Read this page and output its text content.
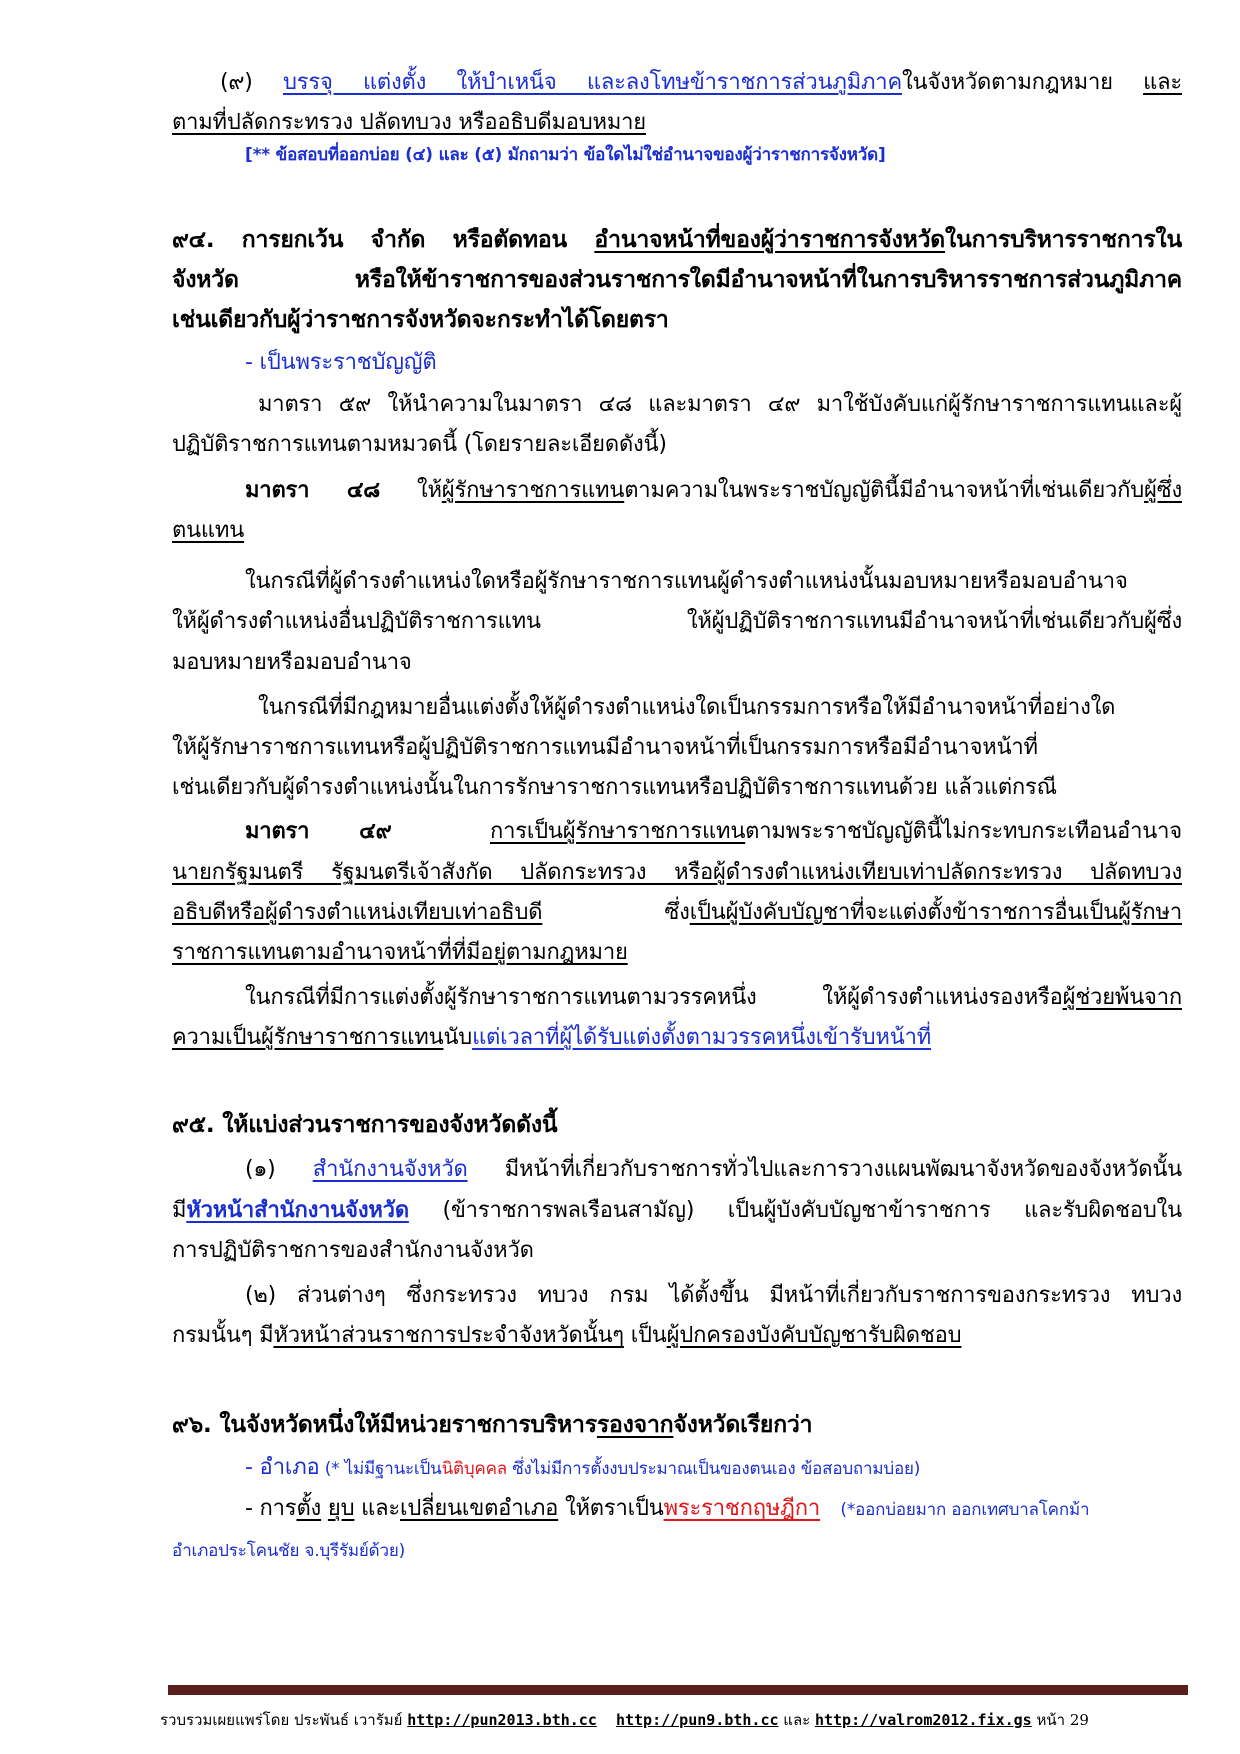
(๙) บรรจุ แต่งตั้ง ให้บำเหน็จ และลงโทษข้าราชการส่วนภูมิภาคในจังหวัดตามกฎหมาย และ
ตามที่ปลัดกระทรวง ปลัดทบวง หรืออธิบดีมอบหมาย
[** ข้อสอบที่ออกบ่อย (๔) และ (๕) มักถามว่า ข้อใดไม่ใช่อำนาจของผู้ว่าราชการจังหวัด]
๙๔. การยกเว้น จำกัด หรือตัดทอน อำนาจหน้าที่ของผู้ว่าราชการจังหวัดในการบริหารราชการใน
จังหวัด หรือให้ข้าราชการของส่วนราชการใดมีอำนาจหน้าที่ในการบริหารราชการส่วนภูมิภาค
เช่นเดียวกับผู้ว่าราชการจังหวัดจะกระทำได้โดยตรา
- เป็นพระราชบัญญัติ
มาตรา ๕๙ ให้นำความในมาตรา ๔๘ และมาตรา ๔๙ มาใช้บังคับแก่ผู้รักษาราชการแทนและผู้
ปฏิบัติราชการแทนตามหมวดนี้ (โดยรายละเอียดดังนี้)
มาตรา ๔๘ ให้ผู้รักษาราชการแทนตามความในพระราชบัญญัตินี้มีอำนาจหน้าที่เช่นเดียวกับผู้ซึ่ง
ตนแทน
ในกรณีที่ผู้ดำรงตำแหน่งใดหรือผู้รักษาราชการแทนผู้ดำรงตำแหน่งนั้นมอบหมายหรือมอบอำนาจ
ให้ผู้ดำรงตำแหน่งอื่นปฏิบัติราชการแทน ให้ผู้ปฏิบัติราชการแทนมีอำนาจหน้าที่เช่นเดียวกับผู้ซึ่ง
มอบหมายหรือมอบอำนาจ
ในกรณีที่มีกฎหมายอื่นแต่งตั้งให้ผู้ดำรงตำแหน่งใดเป็นกรรมการหรือให้มีอำนาจหน้าที่อย่างใด
ให้ผู้รักษาราชการแทนหรือผู้ปฏิบัติราชการแทนมีอำนาจหน้าที่เป็นกรรมการหรือมีอำนาจหน้าที่
เช่นเดียวกับผู้ดำรงตำแหน่งนั้นในการรักษาราชการแทนหรือปฏิบัติราชการแทนด้วย แล้วแต่กรณี
มาตรา ๔๙	การเป็นผู้รักษาราชการแทนตามพระราชบัญญัตินี้ไม่กระทบกระเทือนอำนาจ
นายกรัฐมนตรี รัฐมนตรีเจ้าสังกัด ปลัดกระทรวง หรือผู้ดำรงตำแหน่งเทียบเท่าปลัดกระทรวง ปลัดทบวง
อธิบดีหรือผู้ดำรงตำแหน่งเทียบเท่าอธิบดี ซึ่งเป็นผู้บังคับบัญชาที่จะแต่งตั้งข้าราชการอื่นเป็นผู้รักษา
ราชการแทนตามอำนาจหน้าที่ที่มีอยู่ตามกฎหมาย
ในกรณีที่มีการแต่งตั้งผู้รักษาราชการแทนตามวรรคหนึ่ง ให้ผู้ดำรงตำแหน่งรองหรือผู้ช่วยพ้นจาก
ความเป็นผู้รักษาราชการแทนนับแต่เวลาที่ผู้ได้รับแต่งตั้งตามวรรคหนึ่งเข้ารับหน้าที่
๙๕. ให้แบ่งส่วนราชการของจังหวัดดังนี้
(๑) สำนักงานจังหวัด มีหน้าที่เกี่ยวกับราชการทั่วไปและการวางแผนพัฒนาจังหวัดของจังหวัดนั้น
มีหัวหน้าสำนักงานจังหวัด (ข้าราชการพลเรือนสามัญ) เป็นผู้บังคับบัญชาข้าราชการ และรับผิดชอบใน
การปฏิบัติราชการของสำนักงานจังหวัด
(๒) ส่วนต่างๆ ซึ่งกระทรวง ทบวง กรม ได้ตั้งขึ้น มีหน้าที่เกี่ยวกับราชการของกระทรวง ทบวง
กรมนั้นๆ มีหัวหน้าส่วนราชการประจำจังหวัดนั้นๆ เป็นผู้ปกครองบังคับบัญชารับผิดชอบ
๙๖. ในจังหวัดหนึ่งให้มีหน่วยราชการบริหารรองจากจังหวัดเรียกว่า
- อำเภอ (* ไม่มีฐานะเป็นนิติบุคคล ซึ่งไม่มีการตั้งงบประมาณเป็นของตนเอง ข้อสอบถามบ่อย)
- การตั้ง ยุบ และเปลี่ยนเขตอำเภอ ให้ตราเป็นพระราชกฤษฎีกา (*ออกบ่อยมาก ออกเทศบาลโคกม้า
อำเภอประโคนชัย จ.บุรีรัมย์ด้วย)
รวบรวมเผยแพร่โดย ประพันธ์ เวารัมย์ http://pun2013.bth.cc http://pun9.bth.cc และ http://valrom2012.fix.gs หน้า 29
